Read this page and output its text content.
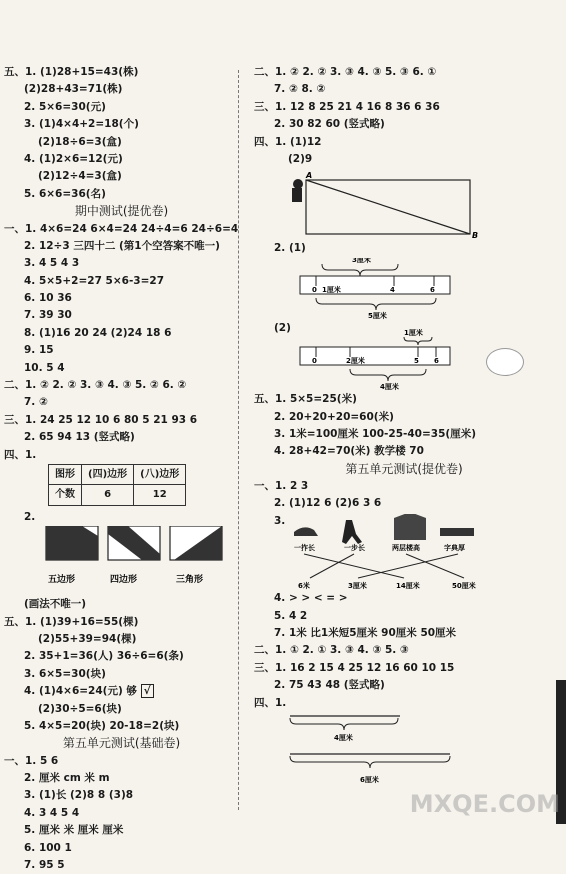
五、1. (1)28+15=43(株)
(2)28+43=71(株)
2. 5×6=30(元)
3. (1)4×4+2=18(个)
(2)18÷6=3(盒)
4. (1)2×6=12(元)
(2)12÷4=3(盒)
5. 6×6=36(名)
期中测试(提优卷)
一、1. 4×6=24 6×4=24 24÷4=6 24÷6=4
2. 12÷3 三四十二 (第1个空答案不唯一)
3. 4 5 4 3
4. 5×5+2=27 5×6-3=27
6. 10 36
7. 39 30
8. (1)16 20 24 (2)24 18 6
9. 15
10. 5 4
二、1. ② 2. ② 3. ③ 4. ③ 5. ② 6. ②
7. ②
三、1. 24 25 12 10 6 80 5 21 93 6
2. 65 94 13 (竖式略)
四、1.
图形	(四)边形	(八)边形
个数	6	12
2.
五边形	四边形	三角形
(画法不唯一)
五、1. (1)39+16=55(棵)
(2)55+39=94(棵)
2. 35+1=36(人) 36÷6=6(条)
3. 6×5=30(块)
4. (1)4×6=24(元) 够 √
(2)30÷5=6(块)
5. 4×5=20(块) 20-18=2(块)
第五单元测试(基础卷)
一、1. 5 6
2. 厘米 cm 米 m
3. (1)长 (2)8 8 (3)8
4. 3 4 5 4
5. 厘米 米 厘米 厘米
6. 100 1
7. 95 5
二、1. ② 2. ② 3. ③ 4. ③ 5. ③ 6. ①
7. ② 8. ②
三、1. 12 8 25 21 4 16 8 36 6 36
2. 30 82 60 (竖式略)
四、1. (1)12
(2)9
A
B
2. (1)
3厘米
0 1厘米	4	6
5厘米
(2)	1厘米
0	2厘米	5 6
4厘米
五、1. 5×5=25(米)
2. 20+20+20=60(米)
3. 1米=100厘米 100-25-40=35(厘米)
4. 28+42=70(米) 教学楼 70
第五单元测试(提优卷)
一、1. 2 3
2. (1)12 6 (2)6 3 6
3.
一拃长	一步长	两层楼高	字典厚
6米	3厘米	14厘米	50厘米
4. > > < = >
5. 4 2
7. 1米 比1米短5厘米 90厘米 50厘米
二、1. ① 2. ① 3. ③ 4. ③ 5. ③
三、1. 16 2 15 4 25 12 16 60 10 15
2. 75 43 48 (竖式略)
四、1.
4厘米
6厘米
MXQE.COM
